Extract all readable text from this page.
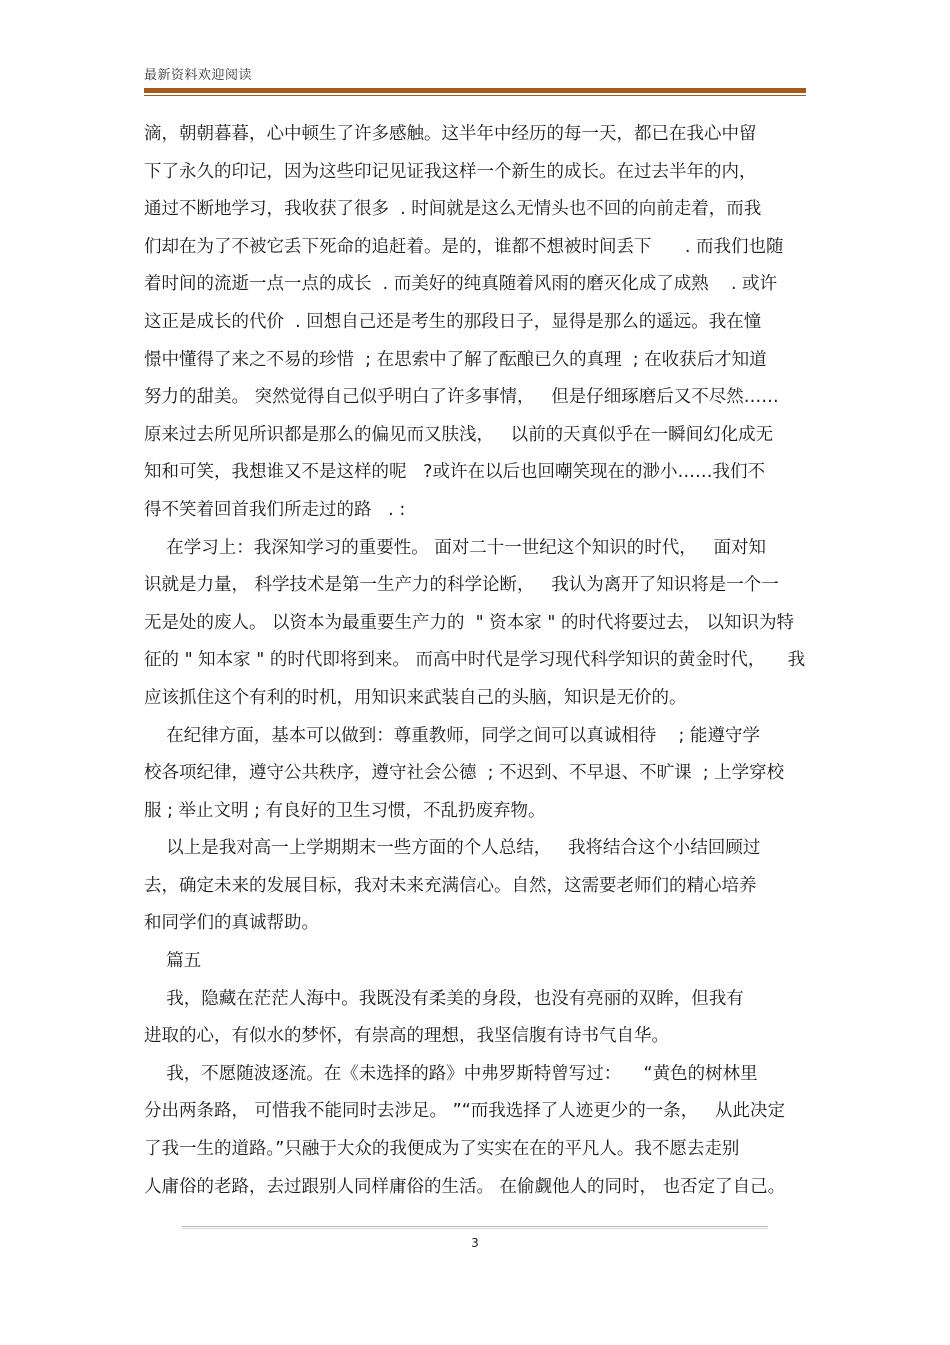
最新资料欢迎阅读
滴，朝朝暮暮，心中顿生了许多感触。这半年中经历的每一天，都已在我心中留
下了永久的印记，因为这些印记见证我这样一个新生的成长。在过去半年的内，
通过不断地学习，我收获了很多  . 时间就是这么无情头也不回的向前走着，而我
们却在为了不被它丢下死命的追赶着。是的，谁都不想被时间丢下      . 而我们也随
着时间的流逝一点一点的成长  . 而美好的纯真随着风雨的磨灭化成了成熟    . 或许
这正是成长的代价  . 回想自己还是考生的那段日子，显得是那么的遥远。我在憧
憬中懂得了来之不易的珍惜  ; 在思索中了解了酝酿已久的真理  ; 在收获后才知道
努力的甜美。 突然觉得自己似乎明白了许多事情，   但是仔细琢磨后又不尽然……
原来过去所见所识都是那么的偏见而又肤浅，   以前的天真似乎在一瞬间幻化成无
知和可笑，我想谁又不是这样的呢   ?或许在以后也回嘲笑现在的渺小……我们不
得不笑着回首我们所走过的路   . :
在学习上：我深知学习的重要性。 面对二十一世纪这个知识的时代，   面对知
识就是力量， 科学技术是第一生产力的科学论断，   我认为离开了知识将是一个一
无是处的废人。 以资本为最重要生产力的  " 资本家 " 的时代将要过去， 以知识为特
征的 " 知本家 " 的时代即将到来。 而高中时代是学习现代科学知识的黄金时代，    我
应该抓住这个有利的时机，用知识来武装自己的头脑，知识是无价的。
在纪律方面，基本可以做到：尊重教师，同学之间可以真诚相待    ; 能遵守学
校各项纪律，遵守公共秩序，遵守社会公德  ; 不迟到、不早退、不旷课  ; 上学穿校
服 ; 举止文明 ; 有良好的卫生习惯，不乱扔废弃物。
以上是我对高一上学期期末一些方面的个人总结，   我将结合这个小结回顾过
去，确定未来的发展目标，我对未来充满信心。自然，这需要老师们的精心培养
和同学们的真诚帮助。
篇五
我，隐藏在茫茫人海中。我既没有柔美的身段，也没有亮丽的双眸，但我有
进取的心，有似水的梦怀，有崇高的理想，我坚信腹有诗书气自华。
我，不愿随波逐流。在《未选择的路》中弗罗斯特曾写过：    “黄色的树林里
分出两条路， 可惜我不能同时去涉足。 ”“而我选择了人迹更少的一条，   从此决定
了我一生的道路。”只融于大众的我便成为了实实在在的平凡人。我不愿去走别
人庸俗的老路，去过跟别人同样庸俗的生活。 在偷觑他人的同时， 也否定了自己。
3
